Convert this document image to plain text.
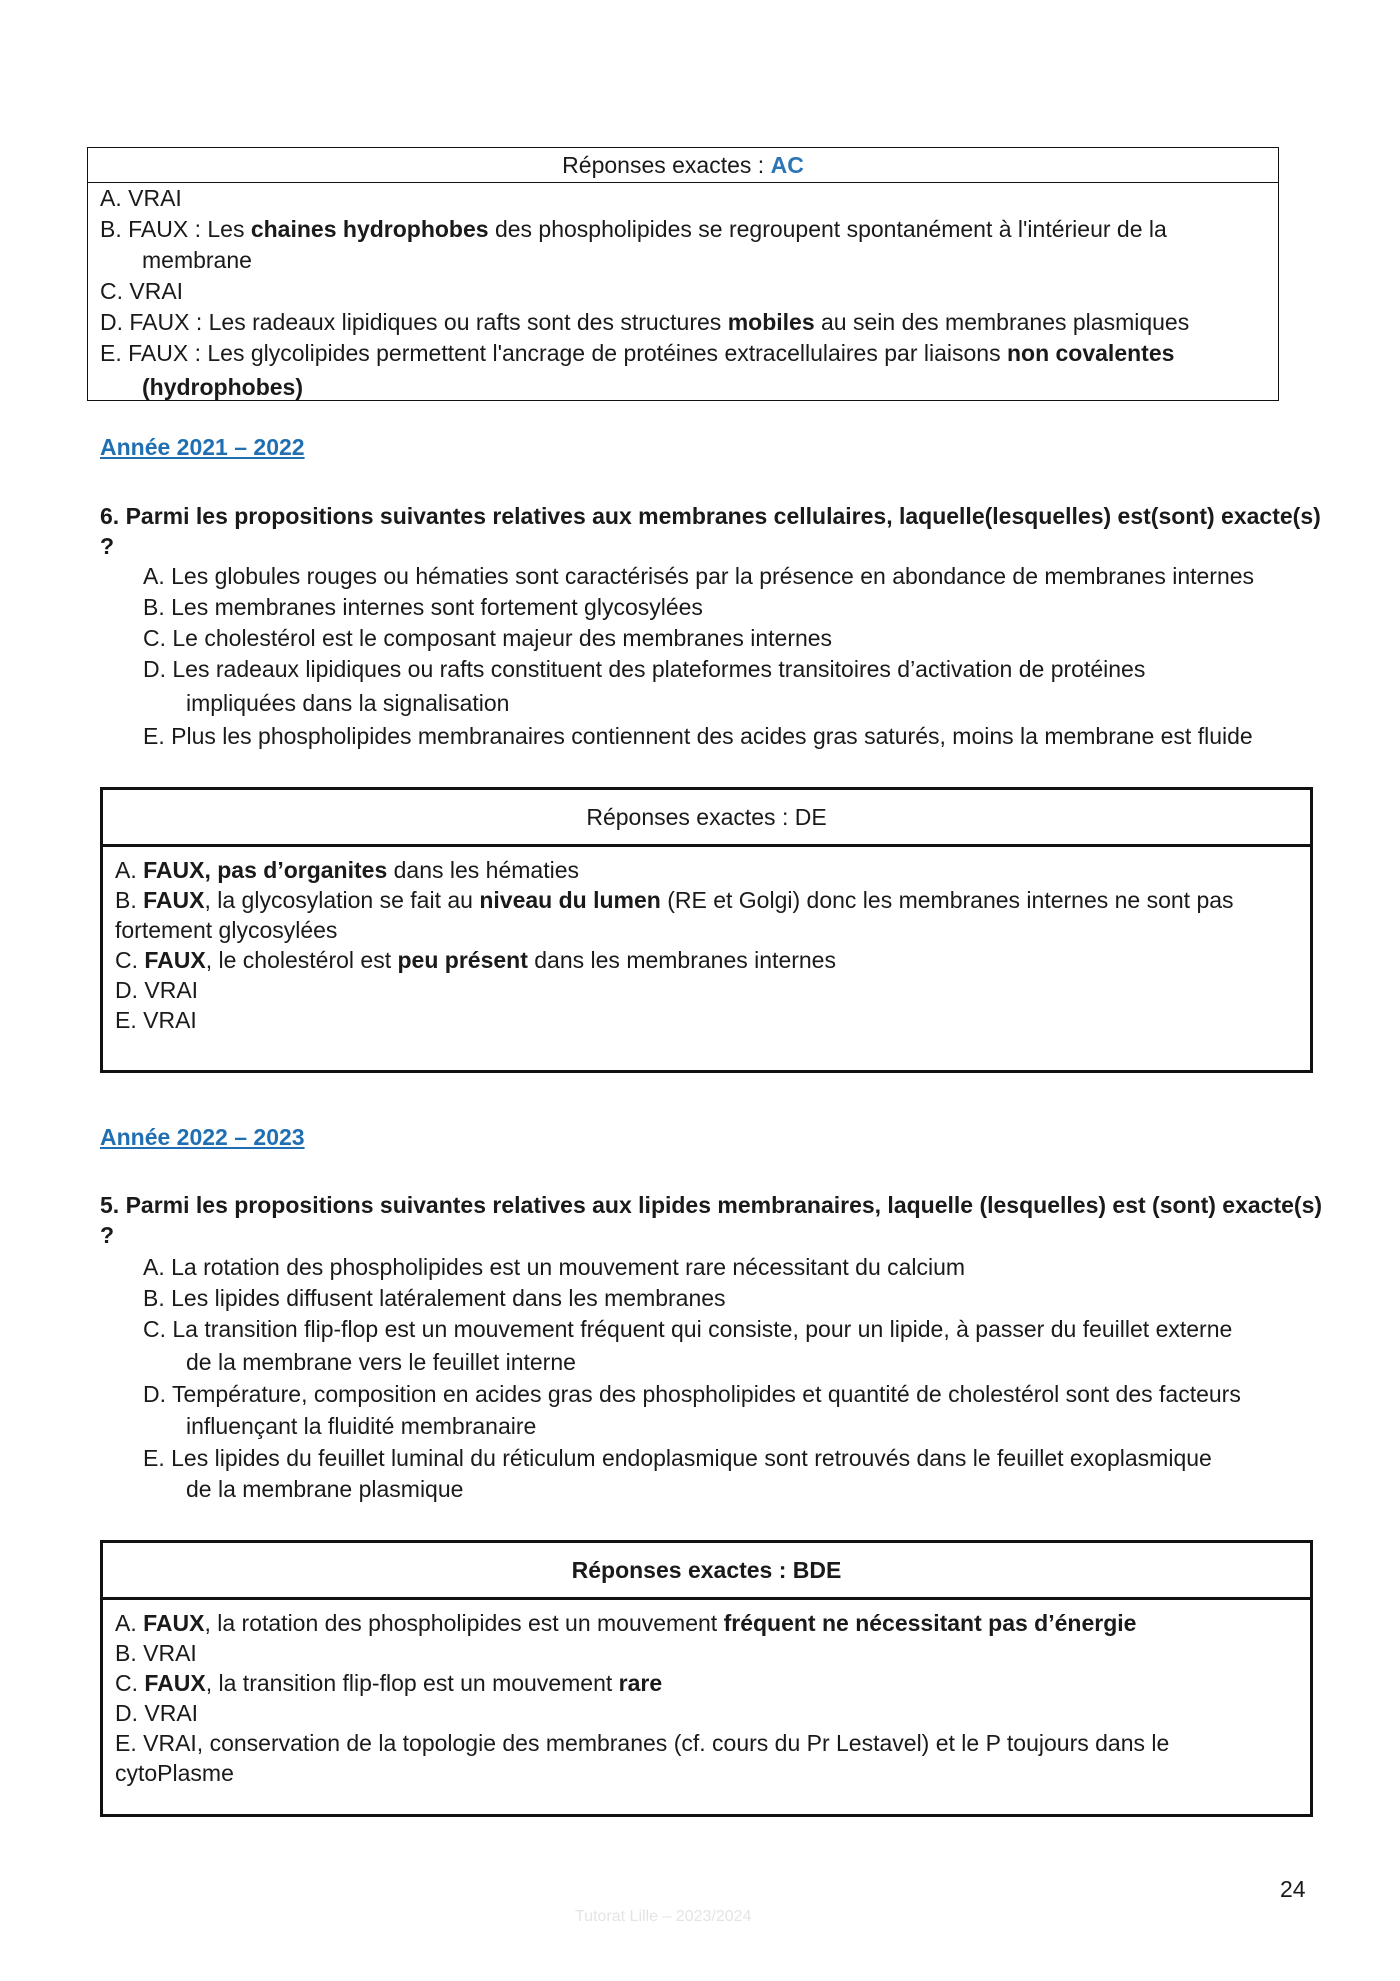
Réponses exactes : AC
A. VRAI
B. FAUX : Les chaines hydrophobes des phospholipides se regroupent spontanément à l'intérieur de la
membrane
C. VRAI
D. FAUX : Les radeaux lipidiques ou rafts sont des structures mobiles au sein des membranes plasmiques
E. FAUX : Les glycolipides permettent l'ancrage de protéines extracellulaires par liaisons non covalentes
(hydrophobes)
Année 2021 – 2022
6. Parmi les propositions suivantes relatives aux membranes cellulaires, laquelle(lesquelles) est(sont) exacte(s)
?
A. Les globules rouges ou hématies sont caractérisés par la présence en abondance de membranes internes
B. Les membranes internes sont fortement glycosylées
C. Le cholestérol est le composant majeur des membranes internes
D. Les radeaux lipidiques ou rafts constituent des plateformes transitoires d’activation de protéines
impliquées dans la signalisation
E. Plus les phospholipides membranaires contiennent des acides gras saturés, moins la membrane est fluide
Réponses exactes : DE
A. FAUX, pas d’organites dans les hématies
B. FAUX, la glycosylation se fait au niveau du lumen (RE et Golgi) donc les membranes internes ne sont pas
fortement glycosylées
C. FAUX, le cholestérol est peu présent dans les membranes internes
D. VRAI
E. VRAI
Année 2022 – 2023
5. Parmi les propositions suivantes relatives aux lipides membranaires, laquelle (lesquelles) est (sont) exacte(s)
?
A. La rotation des phospholipides est un mouvement rare nécessitant du calcium
B. Les lipides diffusent latéralement dans les membranes
C. La transition flip-flop est un mouvement fréquent qui consiste, pour un lipide, à passer du feuillet externe
de la membrane vers le feuillet interne
D. Température, composition en acides gras des phospholipides et quantité de cholestérol sont des facteurs
influençant la fluidité membranaire
E. Les lipides du feuillet luminal du réticulum endoplasmique sont retrouvés dans le feuillet exoplasmique
de la membrane plasmique
Réponses exactes : BDE
A. FAUX, la rotation des phospholipides est un mouvement fréquent ne nécessitant pas d’énergie
B. VRAI
C. FAUX, la transition flip-flop est un mouvement rare
D. VRAI
E. VRAI, conservation de la topologie des membranes (cf. cours du Pr Lestavel) et le P toujours dans le
cytoPlasme
24
Tutorat Lille – 2023/2024
